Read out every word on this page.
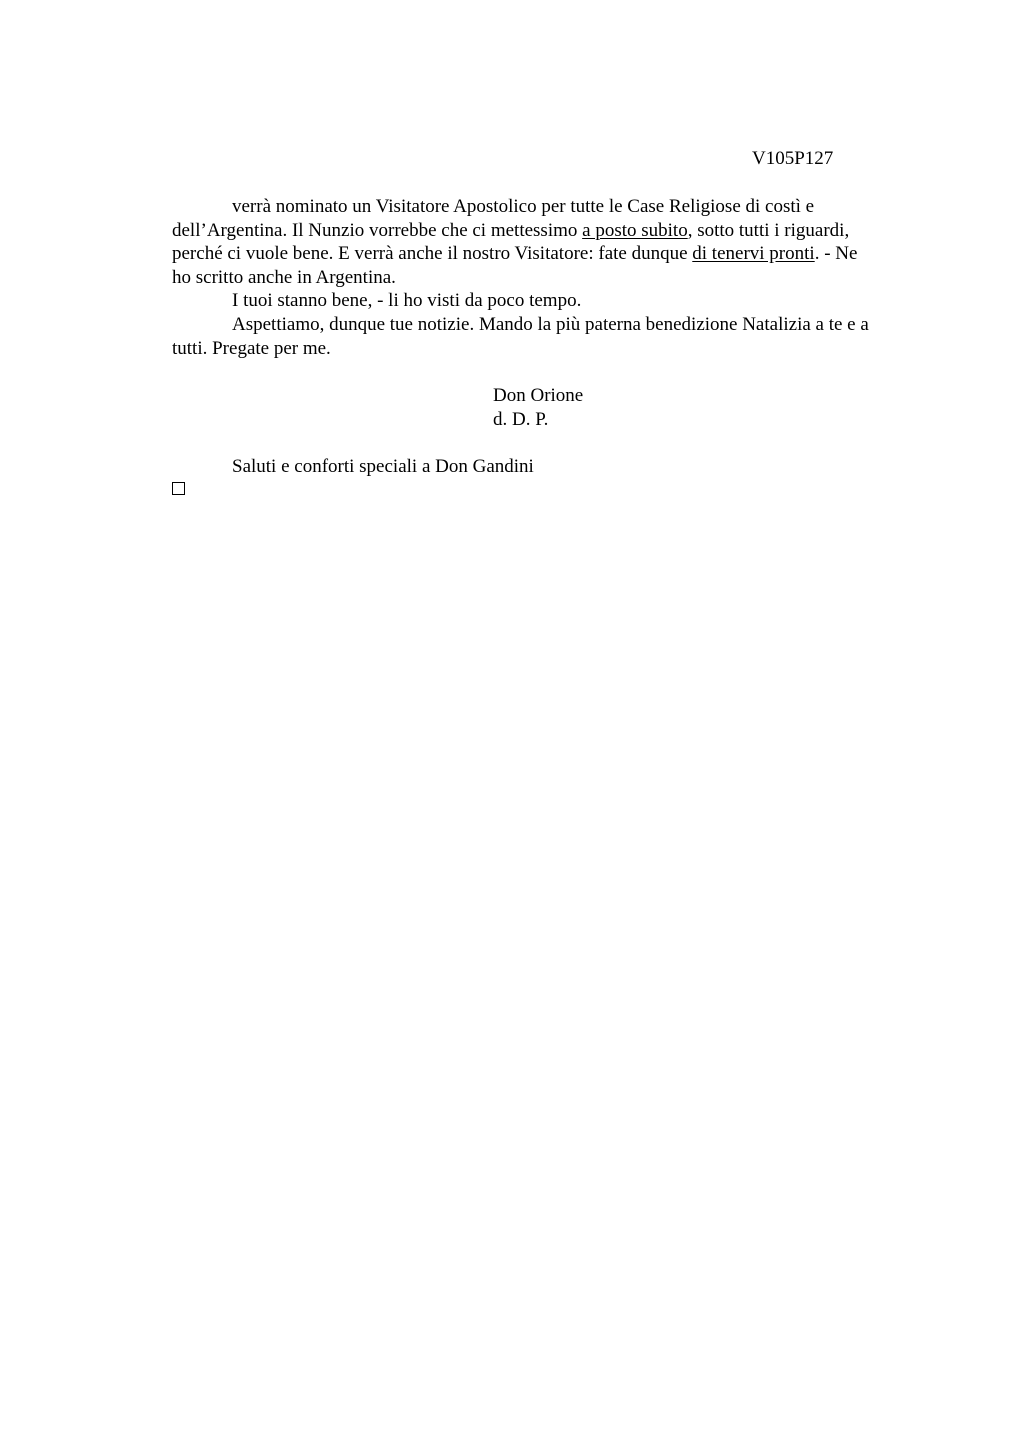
V105P127
verrà nominato un Visitatore Apostolico per tutte le Case Religiose di costì e
dell’Argentina. Il Nunzio vorrebbe che ci mettessimo a posto subito, sotto tutti i riguardi,
perché ci vuole bene. E verrà anche il nostro Visitatore: fate dunque di tenervi pronti. - Ne
ho scritto anche in Argentina.
I tuoi stanno bene, - li ho visti da poco tempo.
Aspettiamo, dunque tue notizie. Mando la più paterna benedizione Natalizia a te e a
tutti. Pregate per me.
Don Orione
d. D. P.
Saluti e conforti speciali a Don Gandini
